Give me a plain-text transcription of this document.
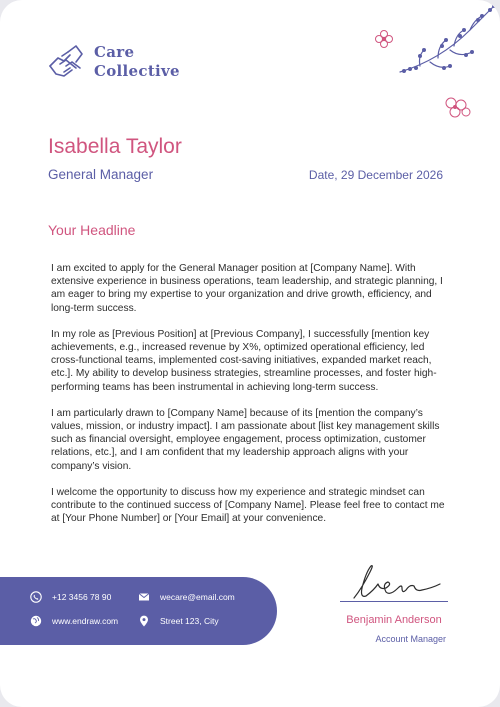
Care
Collective
Isabella Taylor
General Manager	Date, 29 December 2026
Your Headline

I am excited to apply for the General Manager position at [Company Name]. With extensive experience in business operations, team leadership, and strategic planning, I am eager to bring my expertise to your organization and drive growth, efficiency, and long-term success.

In my role as [Previous Position] at [Previous Company], I successfully [mention key achievements, e.g., increased revenue by X%, optimized operational efficiency, led cross-functional teams, implemented cost-saving initiatives, expanded market reach, etc.]. My ability to develop business strategies, streamline processes, and foster high-performing teams has been instrumental in achieving long-term success.

I am particularly drawn to [Company Name] because of its [mention the company’s values, mission, or industry impact]. I am passionate about [list key management skills such as financial oversight, employee engagement, process optimization, customer relations, etc.], and I am confident that my leadership approach aligns with your company’s vision.

I welcome the opportunity to discuss how my experience and strategic mindset can contribute to the continued success of [Company Name]. Please feel free to contact me at [Your Phone Number] or [Your Email] at your convenience.

+12 3456 78 90	wecare@email.com
www.endraw.com	Street 123, City	Benjamin Anderson
Account Manager
